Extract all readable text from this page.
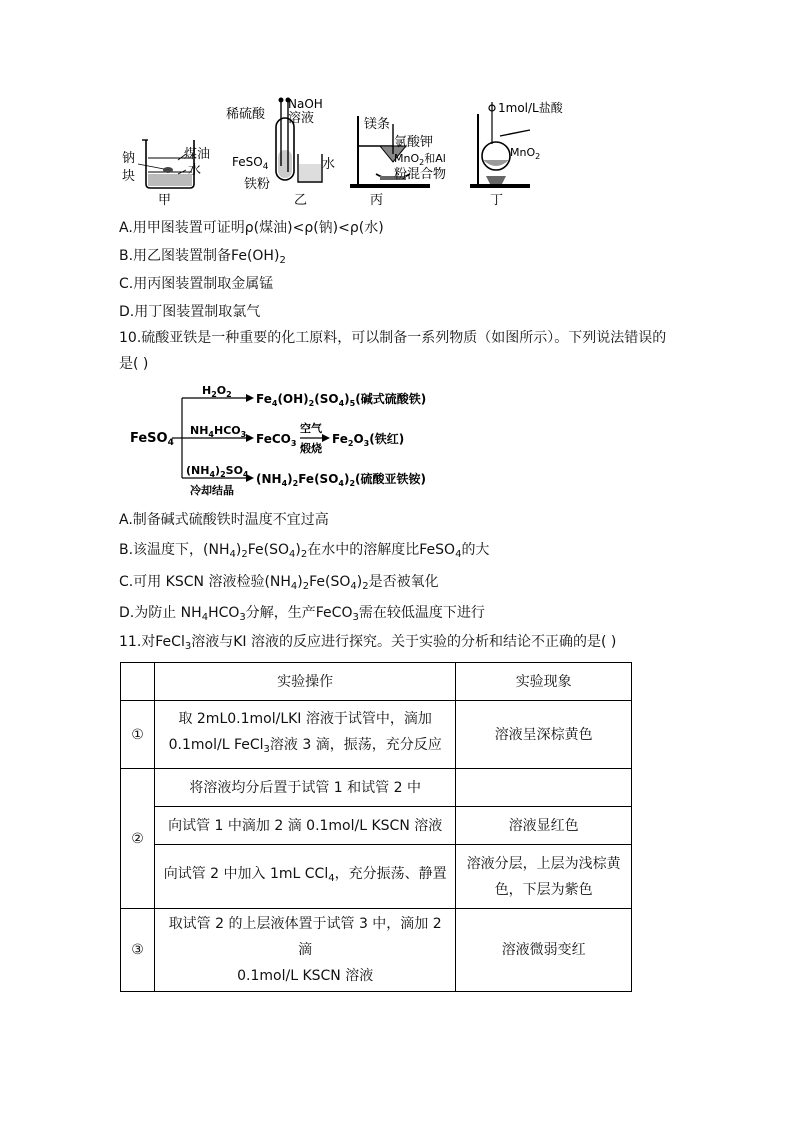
钠
块
煤油
水
甲
稀硫酸
NaOH
溶液
FeSO$_4$
铁粉
水
乙
镁条
氯酸钾
MnO$_2$和Al
粉混合物
丙
1mol/L盐酸
MnO$_2$
丁
A.用甲图装置可证明ρ(煤油)<ρ(钠)<ρ(水)
B.用乙图装置制备$Fe(OH)_2$
C.用丙图装置制取金属锰
D.用丁图装置制取氯气
10.硫酸亚铁是一种重要的化工原料，可以制备一系列物质（如图所示）。下列说法错误的
是( )
FeSO$_4$
$H_2O_2$ $Fe_4(OH)_2(SO_4)_5$(碱式硫酸铁)
$NH_4HCO_3$ FeCO$_3$
空气
煅烧
$Fe_2O_3$(铁红)
$(NH_4)_2SO_4$
冷却结晶
$(NH_4)_2Fe(SO_4)_2$(硫酸亚铁铵)
A.制备碱式硫酸铁时温度不宜过高
B.该温度下，$(NH_4)_2Fe(SO_4)_2$在水中的溶解度比FeSO$_4$的大
C.可用 KSCN 溶液检验$(NH_4)_2Fe(SO_4)_2$是否被氧化
D.为防止 $NH_4HCO_3$分解，生产FeCO$_3$需在较低温度下进行
11.对FeCl$_3$溶液与KI 溶液的反应进行探究。关于实验的分析和结论不正确的是( )
	实验操作	实验现象
①	取 2mL0.1mol/LKI 溶液于试管中，滴加
0.1mol/L FeCl$_3$溶液 3 滴，振荡，充分反应	溶液呈深棕黄色
②	将溶液均分后置于试管 1 和试管 2 中	
	向试管 1 中滴加 2 滴 0.1mol/L KSCN 溶液	溶液显红色
	向试管 2 中加入 1mL CCl$_4$，充分振荡、静置	溶液分层，上层为浅棕黄
色，下层为紫色

③	取试管 2 的上层液体置于试管 3 中，滴加 2 滴
0.1mol/L KSCN 溶液	溶液微弱变红
